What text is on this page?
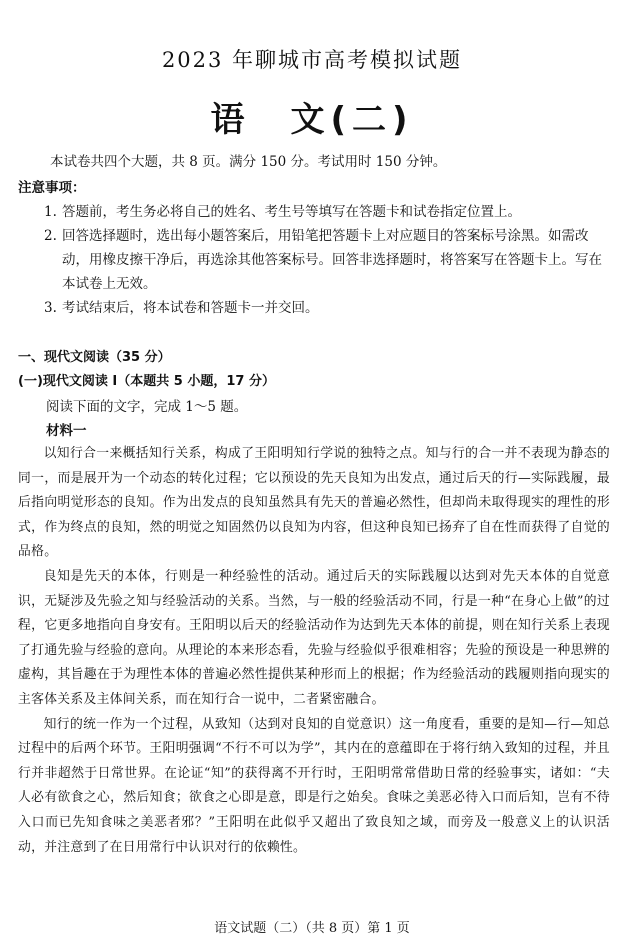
2023 年聊城市高考模拟试题
语　文(二)
本试卷共四个大题，共 8 页。满分 150 分。考试用时 150 分钟。
注意事项：
1. 答题前，考生务必将自己的姓名、考生号等填写在答题卡和试卷指定位置上。
2. 回答选择题时，选出每小题答案后，用铅笔把答题卡上对应题目的答案标号涂黑。如需改动，用橡皮擦干净后，再选涂其他答案标号。回答非选择题时，将答案写在答题卡上。写在本试卷上无效。
3. 考试结束后，将本试卷和答题卡一并交回。
一、现代文阅读（35 分）
(一)现代文阅读 Ⅰ（本题共 5 小题，17 分）
阅读下面的文字，完成 1～5 题。
材料一

以知行合一来概括知行关系，构成了王阳明知行学说的独特之点。知与行的合一并不表现为静态的同一，而是展开为一个动态的转化过程；它以预设的先天良知为出发点，通过后天的行—实际践履，最后指向明觉形态的良知。作为出发点的良知虽然具有先天的普遍必然性，但却尚未取得现实的理性的形式，作为终点的良知，然的明觉之知固然仍以良知为内容，但这种良知已扬弃了自在性而获得了自觉的品格。

良知是先天的本体，行则是一种经验性的活动。通过后天的实际践履以达到对先天本体的自觉意识，无疑涉及先验之知与经验活动的关系。当然，与一般的经验活动不同，行是一种“在身心上做”的过程，它更多地指向自身安有。王阳明以后天的经验活动作为达到先天本体的前提，则在知行关系上表现了打通先验与经验的意向。从理论的本来形态看，先验与经验似乎很难相容；先验的预设是一种思辨的虚构，其旨趣在于为理性本体的普遍必然性提供某种形而上的根据；作为经验活动的践履则指向现实的主客体关系及主体间关系，而在知行合一说中，二者紧密融合。

知行的统一作为一个过程，从致知（达到对良知的自觉意识）这一角度看，重要的是知—行—知总过程中的后两个环节。王阳明强调“不行不可以为学”，其内在的意蕴即在于将行纳入致知的过程，并且行并非超然于日常世界。在论证“知”的获得离不开行时，王阳明常常借助日常的经验事实，诸如：“夫人必有欲食之心，然后知食；欲食之心即是意，即是行之始矣。食味之美恶必待入口而后知，岂有不待入口而已先知食味之美恶者邪？”王阳明在此似乎又超出了致良知之域，而旁及一般意义上的认识活动，并注意到了在日用常行中认识对行的依赖性。

语文试题（二）（共 8 页）第 1 页
